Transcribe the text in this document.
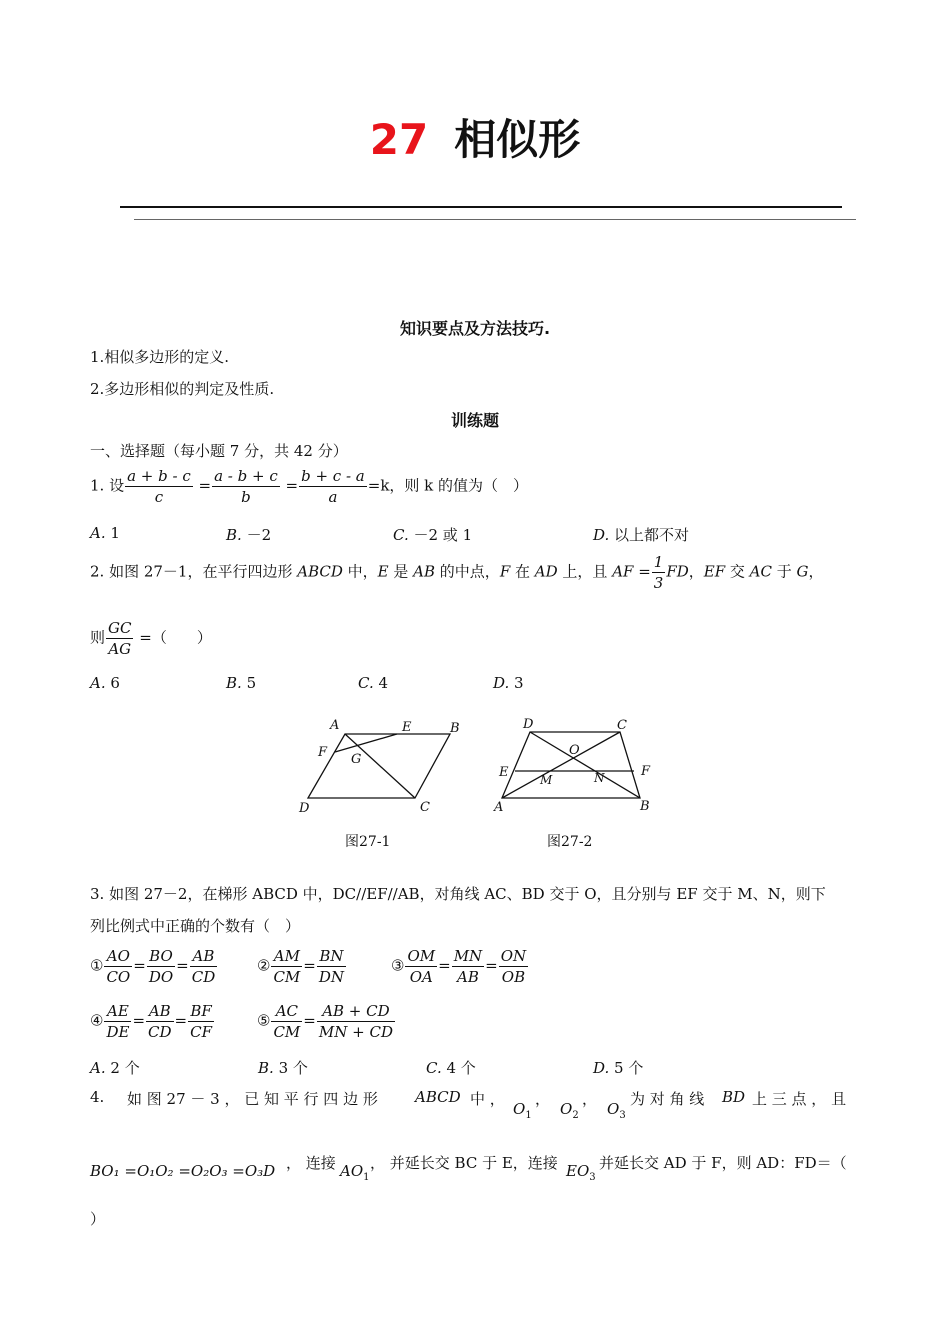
27 相似形
知识要点及方法技巧.
1.相似多边形的定义.
2.多边形相似的判定及性质.
训练题
一、选择题（每小题 7 分，共 42 分）
1. 设 $\frac{a + b - c}{c} = \frac{a - b + c}{b} = \frac{b + c - a}{a} =k$，则 k 的值为（　）
A. 1	B. －2	C. －2 或 1	D. 以上都不对
2. 如图 27－1，在平行四边形 ABCD 中，E 是 AB 的中点，F 在 AD 上，且 AF = $\frac{1}{3}$ FD，EF 交 AC 于 G，
则 $\frac{GC}{AG}$ =（　　）
A. 6	B. 5	C. 4	D. 3
A	E	B
F G
D	C
图27-1
D	C
O
E	F
M	N
A	B
图27-2
3. 如图 27－2，在梯形 ABCD 中，DC//EF//AB，对角线 AC、BD 交于 O，且分别与 EF 交于 M、N，则下
列比例式中正确的个数有（　）
① $\frac{AO}{CO} = \frac{BO}{DO} = \frac{AB}{CD}$	② $\frac{AM}{CM} = \frac{BN}{DN}$	③ $\frac{OM}{OA} = \frac{MN}{AB} = \frac{ON}{OB}$
④ $\frac{AE}{DE} = \frac{AB}{CD} = \frac{BF}{CF}$	⑤ $\frac{AC}{CM} = \frac{AB + CD}{MN + CD}$
A. 2 个	B. 3 个	C. 4 个	D. 5 个
4. 如 图 27 － 3 ， 已 知 平 行 四 边 形 ABCD 中 ，
$O_1$
，
$O_2$
，
$O_3$
为 对 角 线 BD 上 三 点 ， 且
BO₁ =O₁O₂ =O₂O₃ =O₃D ， 连接 $AO_1$
， 并延长交 BC 于 E，连接 $EO_3$
并延长交 AD 于 F，则 AD：FD＝（
）
